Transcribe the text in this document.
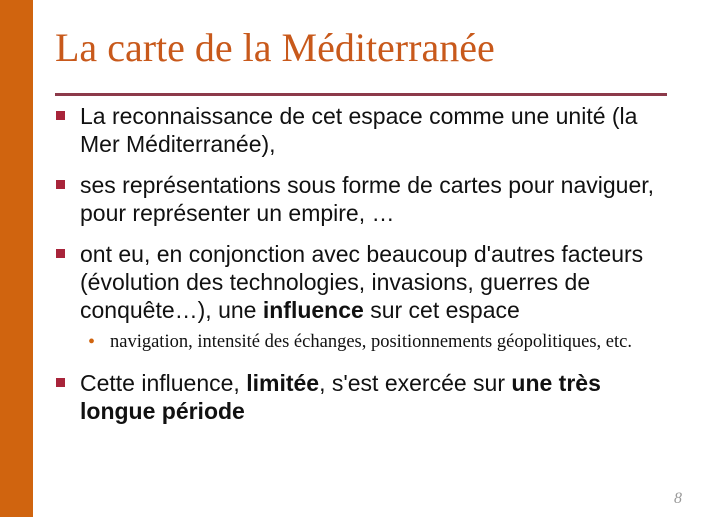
La carte de la Méditerranée
La reconnaissance de cet espace comme une unité (la Mer Méditerranée),
ses représentations sous forme de cartes pour naviguer, pour représenter un empire, …
ont eu, en conjonction avec beaucoup d'autres facteurs (évolution des technologies, invasions, guerres de conquête…), une influence sur cet espace
• navigation, intensité des échanges, positionnements géopolitiques, etc.
Cette influence, limitée, s'est exercée sur une très longue période
8
